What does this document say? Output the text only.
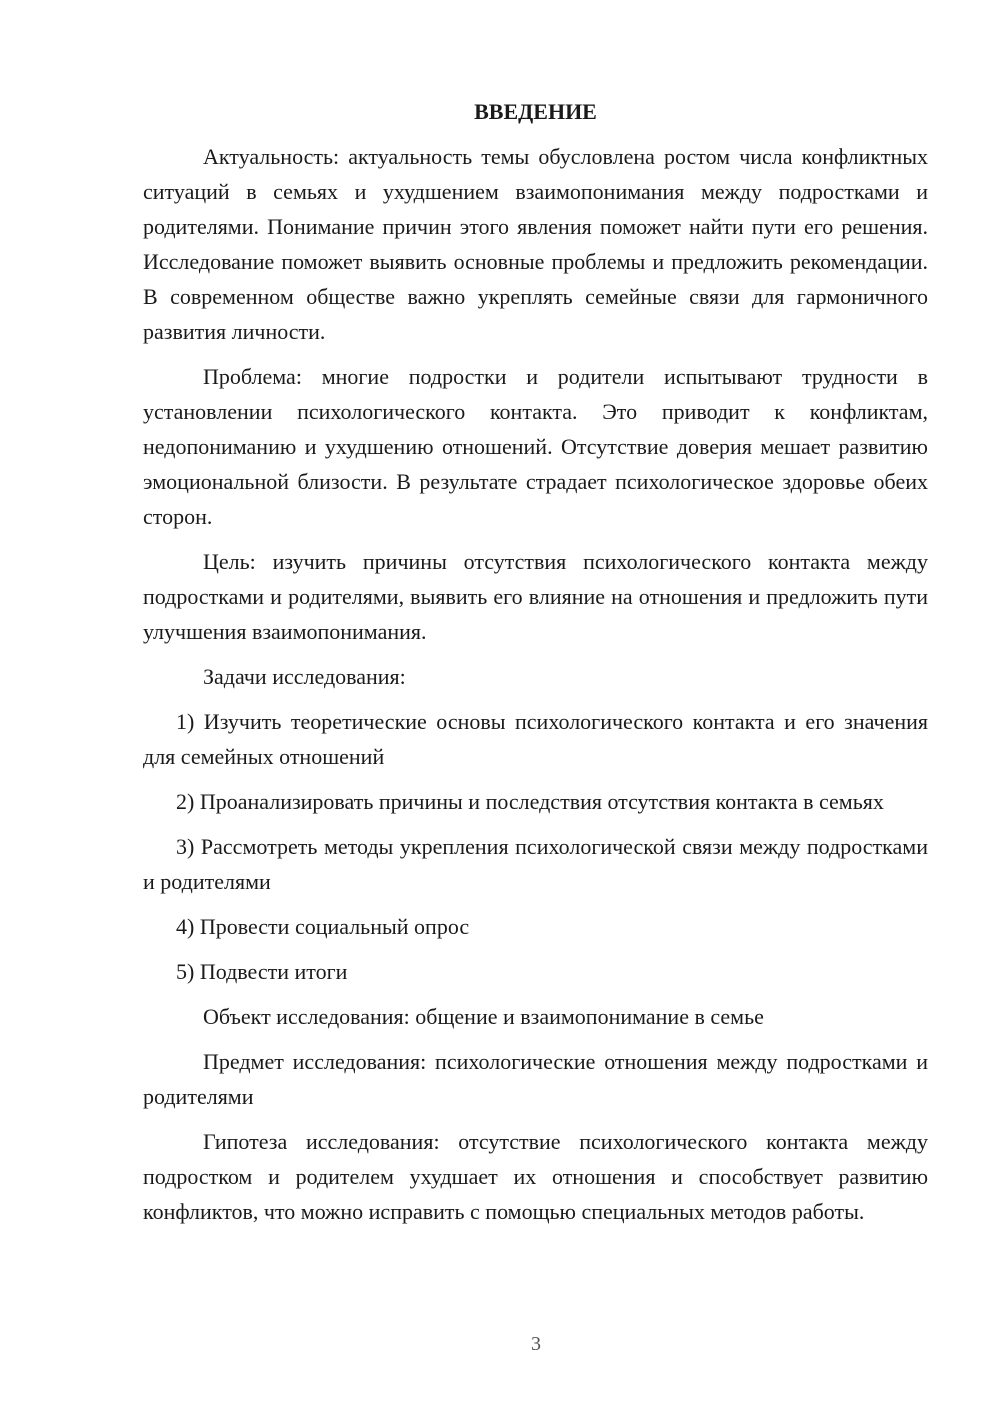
ВВЕДЕНИЕ

Актуальность: актуальность темы обусловлена ростом числа конфликтных ситуаций в семьях и ухудшением взаимопонимания между подростками и родителями. Понимание причин этого явления поможет найти пути его решения. Исследование поможет выявить основные проблемы и предложить рекомендации. В современном обществе важно укреплять семейные связи для гармоничного развития личности.

Проблема: многие подростки и родители испытывают трудности в установлении психологического контакта. Это приводит к конфликтам, недопониманию и ухудшению отношений. Отсутствие доверия мешает развитию эмоциональной близости. В результате страдает психологическое здоровье обеих сторон.

Цель: изучить причины отсутствия психологического контакта между подростками и родителями, выявить его влияние на отношения и предложить пути улучшения взаимопонимания.

Задачи исследования:

1) Изучить теоретические основы психологического контакта и его значения для семейных отношений

2) Проанализировать причины и последствия отсутствия контакта в семьях

3) Рассмотреть методы укрепления психологической связи между подростками и родителями

4) Провести социальный опрос

5) Подвести итоги

Объект исследования: общение и взаимопонимание в семье

Предмет исследования: психологические отношения между подростками и родителями

Гипотеза исследования: отсутствие психологического контакта между подростком и родителем ухудшает их отношения и способствует развитию конфликтов, что можно исправить с помощью специальных методов работы.

3
